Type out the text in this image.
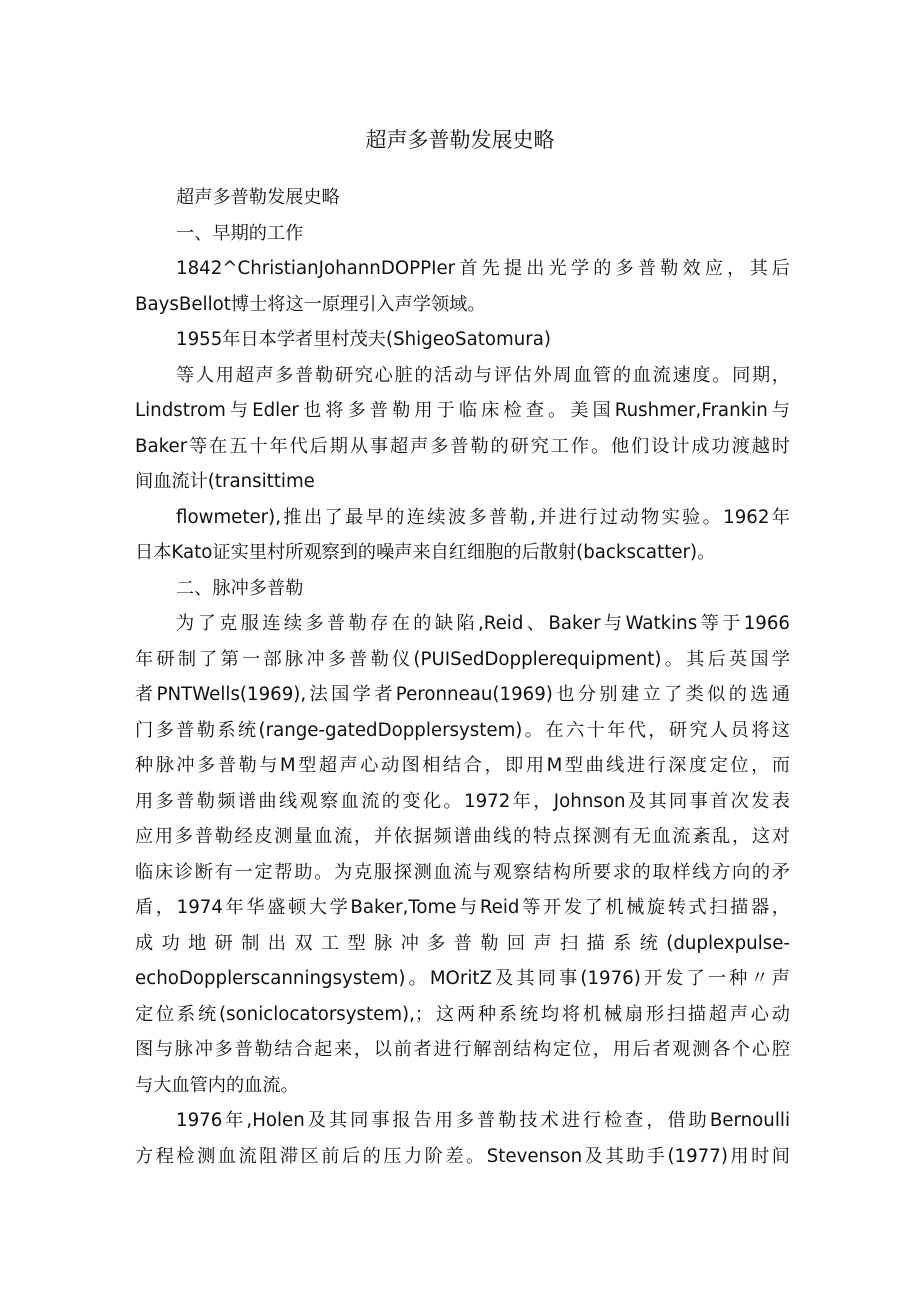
超声多普勒发展史略
超声多普勒发展史略
一、早期的工作
1842^ChristianJohannDOPPIer首先提出光学的多普勒效应，其后
BaysBellot博士将这一原理引入声学领域。
1955年日本学者里村茂夫(ShigeoSatomura)
等人用超声多普勒研究心脏的活动与评估外周血管的血流速度。同期，
Lindstrom与Edler也将多普勒用于临床检查。美国Rushmer,Frankin与
Baker等在五十年代后期从事超声多普勒的研究工作。他们设计成功渡越时
间血流计(transittime
flowmeter),推出了最早的连续波多普勒,并进行过动物实验。1962年
日本Kato证实里村所观察到的噪声来自红细胞的后散射(backscatter)。
二、脉冲多普勒
为了克服连续多普勒存在的缺陷,Reid、Baker与Watkins等于1966
年研制了第一部脉冲多普勒仪(PUISedDopplerequipment)。其后英国学
者PNTWells(1969),法国学者Peronneau(1969)也分别建立了类似的选通
门多普勒系统(range-gatedDopplersystem)。在六十年代，研究人员将这
种脉冲多普勒与M型超声心动图相结合，即用M型曲线进行深度定位，而
用多普勒频谱曲线观察血流的变化。1972年，Johnson及其同事首次发表
应用多普勒经皮测量血流，并依据频谱曲线的特点探测有无血流紊乱，这对
临床诊断有一定帮助。为克服探测血流与观察结构所要求的取样线方向的矛
盾，1974年华盛顿大学Baker,Tome与Reid等开发了机械旋转式扫描器，
成功地研制出双工型脉冲多普勒回声扫描系统(duplexpulse-
echoDopplerscanningsystem)。MOritZ及其同事(1976)开发了一种〃声
定位系统(soniclocatorsystem),；这两种系统均将机械扇形扫描超声心动
图与脉冲多普勒结合起来，以前者进行解剖结构定位，用后者观测各个心腔
与大血管内的血流。
1976年,Holen及其同事报告用多普勒技术进行检查，借助Bernoulli
方程检测血流阻滞区前后的压力阶差。Stevenson及其助手(1977)用时间
